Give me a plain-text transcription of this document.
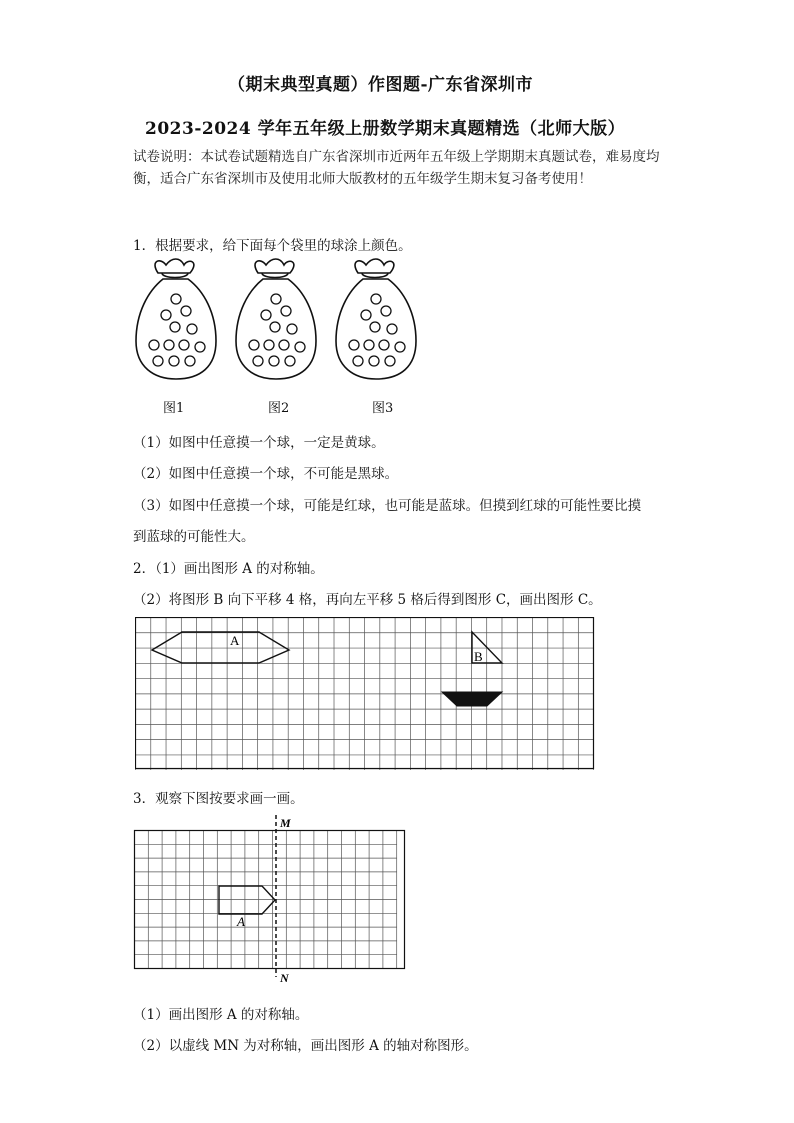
（期末典型真题）作图题-广东省深圳市
2023-2024 学年五年级上册数学期末真题精选（北师大版）
试卷说明：本试卷试题精选自广东省深圳市近两年五年级上学期期末真题试卷，难易度均衡，适合广东省深圳市及使用北师大版教材的五年级学生期末复习备考使用！
1．根据要求，给下面每个袋里的球涂上颜色。
图1	图2	图3
（1）如图中任意摸一个球，一定是黄球。
（2）如图中任意摸一个球，不可能是黑球。
（3）如图中任意摸一个球，可能是红球，也可能是蓝球。但摸到红球的可能性要比摸
到蓝球的可能性大。
2．（1）画出图形 A 的对称轴。
（2）将图形 B 向下平移 4 格，再向左平移 5 格后得到图形 C，画出图形 C。
A
B
3．观察下图按要求画一画。
M
N
A
（1）画出图形 A 的对称轴。
（2）以虚线 MN 为对称轴，画出图形 A 的轴对称图形。
